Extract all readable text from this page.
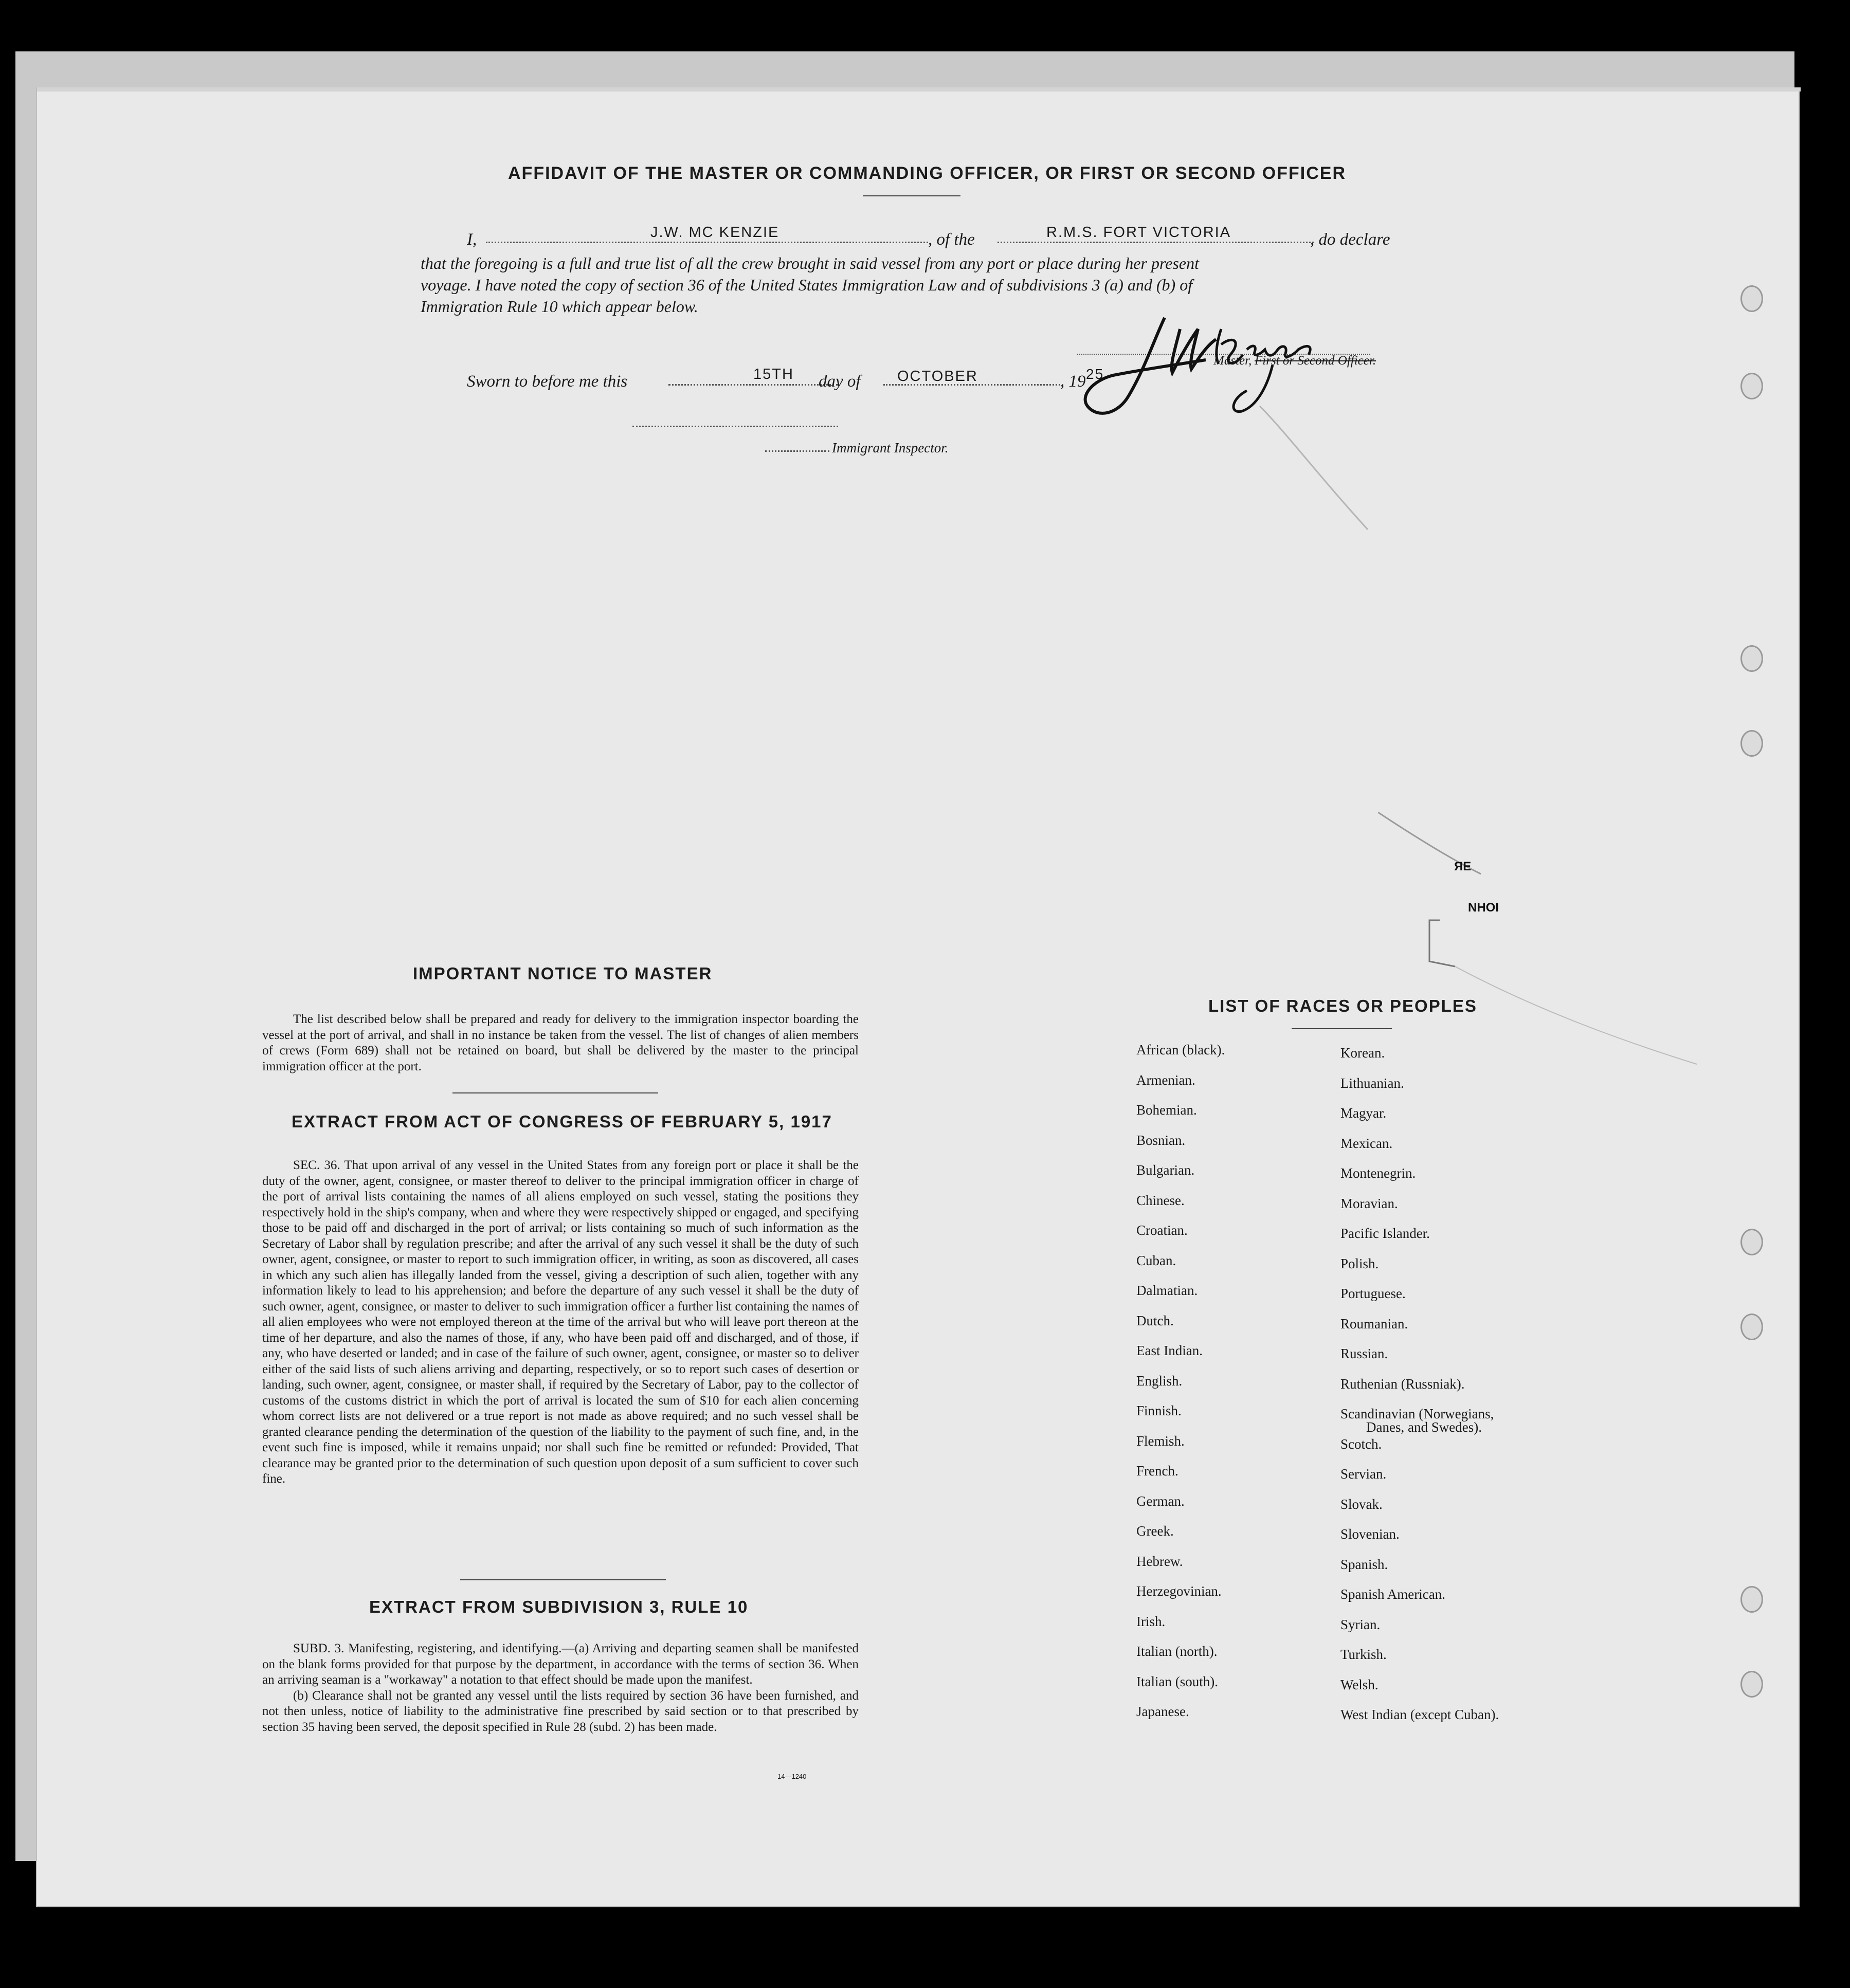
AFFIDAVIT OF THE MASTER OR COMMANDING OFFICER, OR FIRST OR SECOND OFFICER
I,	J.W. MC KENZIE	, of the	R.M.S. FORT VICTORIA	, do declare
that the foregoing is a full and true list of all the crew brought in said vessel from any port or place during her present
voyage. I have noted the copy of section 36 of the United States Immigration Law and of subdivisions 3 (a) and (b) of
Immigration Rule 10 which appear below.
Sworn to before me this	15TH day of OCTOBER	, 19 25
Immigrant Inspector.
Master, First or Second Officer.
ЯE
NHOI
IMPORTANT NOTICE TO MASTER

The list described below shall be prepared and ready for delivery to the immigration inspector boarding the vessel at the port of arrival, and shall in no instance be taken from the vessel. The list of changes of alien members of crews (Form 689) shall not be retained on board, but shall be delivered by the master to the principal immigration officer at the port.

EXTRACT FROM ACT OF CONGRESS OF FEBRUARY 5, 1917

SEC. 36. That upon arrival of any vessel in the United States from any foreign port or place it shall be the duty of the owner, agent, consignee, or master thereof to deliver to the principal immigration officer in charge of the port of arrival lists containing the names of all aliens employed on such vessel, stating the positions they respectively hold in the ship's company, when and where they were respectively shipped or engaged, and specifying those to be paid off and discharged in the port of arrival; or lists containing so much of such information as the Secretary of Labor shall by regulation prescribe; and after the arrival of any such vessel it shall be the duty of such owner, agent, consignee, or master to report to such immigration officer, in writing, as soon as discovered, all cases in which any such alien has illegally landed from the vessel, giving a description of such alien, together with any information likely to lead to his apprehension; and before the departure of any such vessel it shall be the duty of such owner, agent, consignee, or master to deliver to such immigration officer a further list containing the names of all alien employees who were not employed thereon at the time of the arrival but who will leave port thereon at the time of her departure, and also the names of those, if any, who have been paid off and discharged, and of those, if any, who have deserted or landed; and in case of the failure of such owner, agent, consignee, or master so to deliver either of the said lists of such aliens arriving and departing, respectively, or so to report such cases of desertion or landing, such owner, agent, consignee, or master shall, if required by the Secretary of Labor, pay to the collector of customs of the customs district in which the port of arrival is located the sum of $10 for each alien concerning whom correct lists are not delivered or a true report is not made as above required; and no such vessel shall be granted clearance pending the determination of the question of the liability to the payment of such fine, and, in the event such fine is imposed, while it remains unpaid; nor shall such fine be remitted or refunded: Provided, That clearance may be granted prior to the determination of such question upon deposit of a sum sufficient to cover such fine.

EXTRACT FROM SUBDIVISION 3, RULE 10

SUBD. 3. Manifesting, registering, and identifying.—(a) Arriving and departing seamen shall be manifested on the blank forms provided for that purpose by the department, in accordance with the terms of section 36. When an arriving seaman is a "workaway" a notation to that effect should be made upon the manifest.

(b) Clearance shall not be granted any vessel until the lists required by section 36 have been furnished, and not then unless, notice of liability to the administrative fine prescribed by said section or to that prescribed by section 35 having been served, the deposit specified in Rule 28 (subd. 2) has been made.

14—1240
LIST OF RACES OR PEOPLES
African (black).
Armenian.
Bohemian.
Bosnian.
Bulgarian.
Chinese.
Croatian.
Cuban.
Dalmatian.
Dutch.
East Indian.
English.
Finnish.
Flemish.
French.
German.
Greek.
Hebrew.
Herzegovinian.
Irish.
Italian (north).
Italian (south).
Japanese.
Korean.
Lithuanian.
Magyar.
Mexican.
Montenegrin.
Moravian.
Pacific Islander.
Polish.
Portuguese.
Roumanian.
Russian.
Ruthenian (Russniak).
Scandinavian (Norwegians,
Danes, and Swedes).
Scotch.
Servian.
Slovak.
Slovenian.
Spanish.
Spanish American.
Syrian.
Turkish.
Welsh.
West Indian (except Cuban).
